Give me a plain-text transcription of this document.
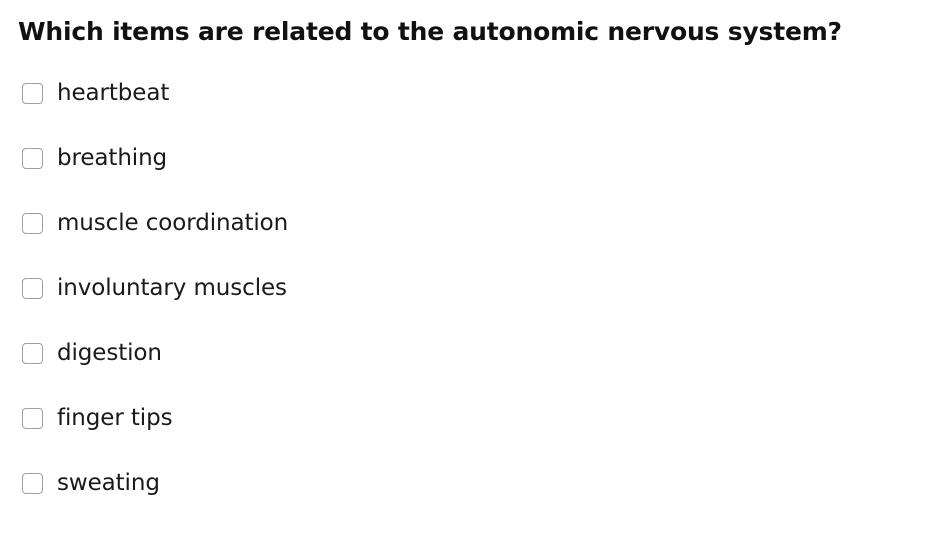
Which items are related to the autonomic nervous system?
heartbeat
breathing
muscle coordination
involuntary muscles
digestion
finger tips
sweating
